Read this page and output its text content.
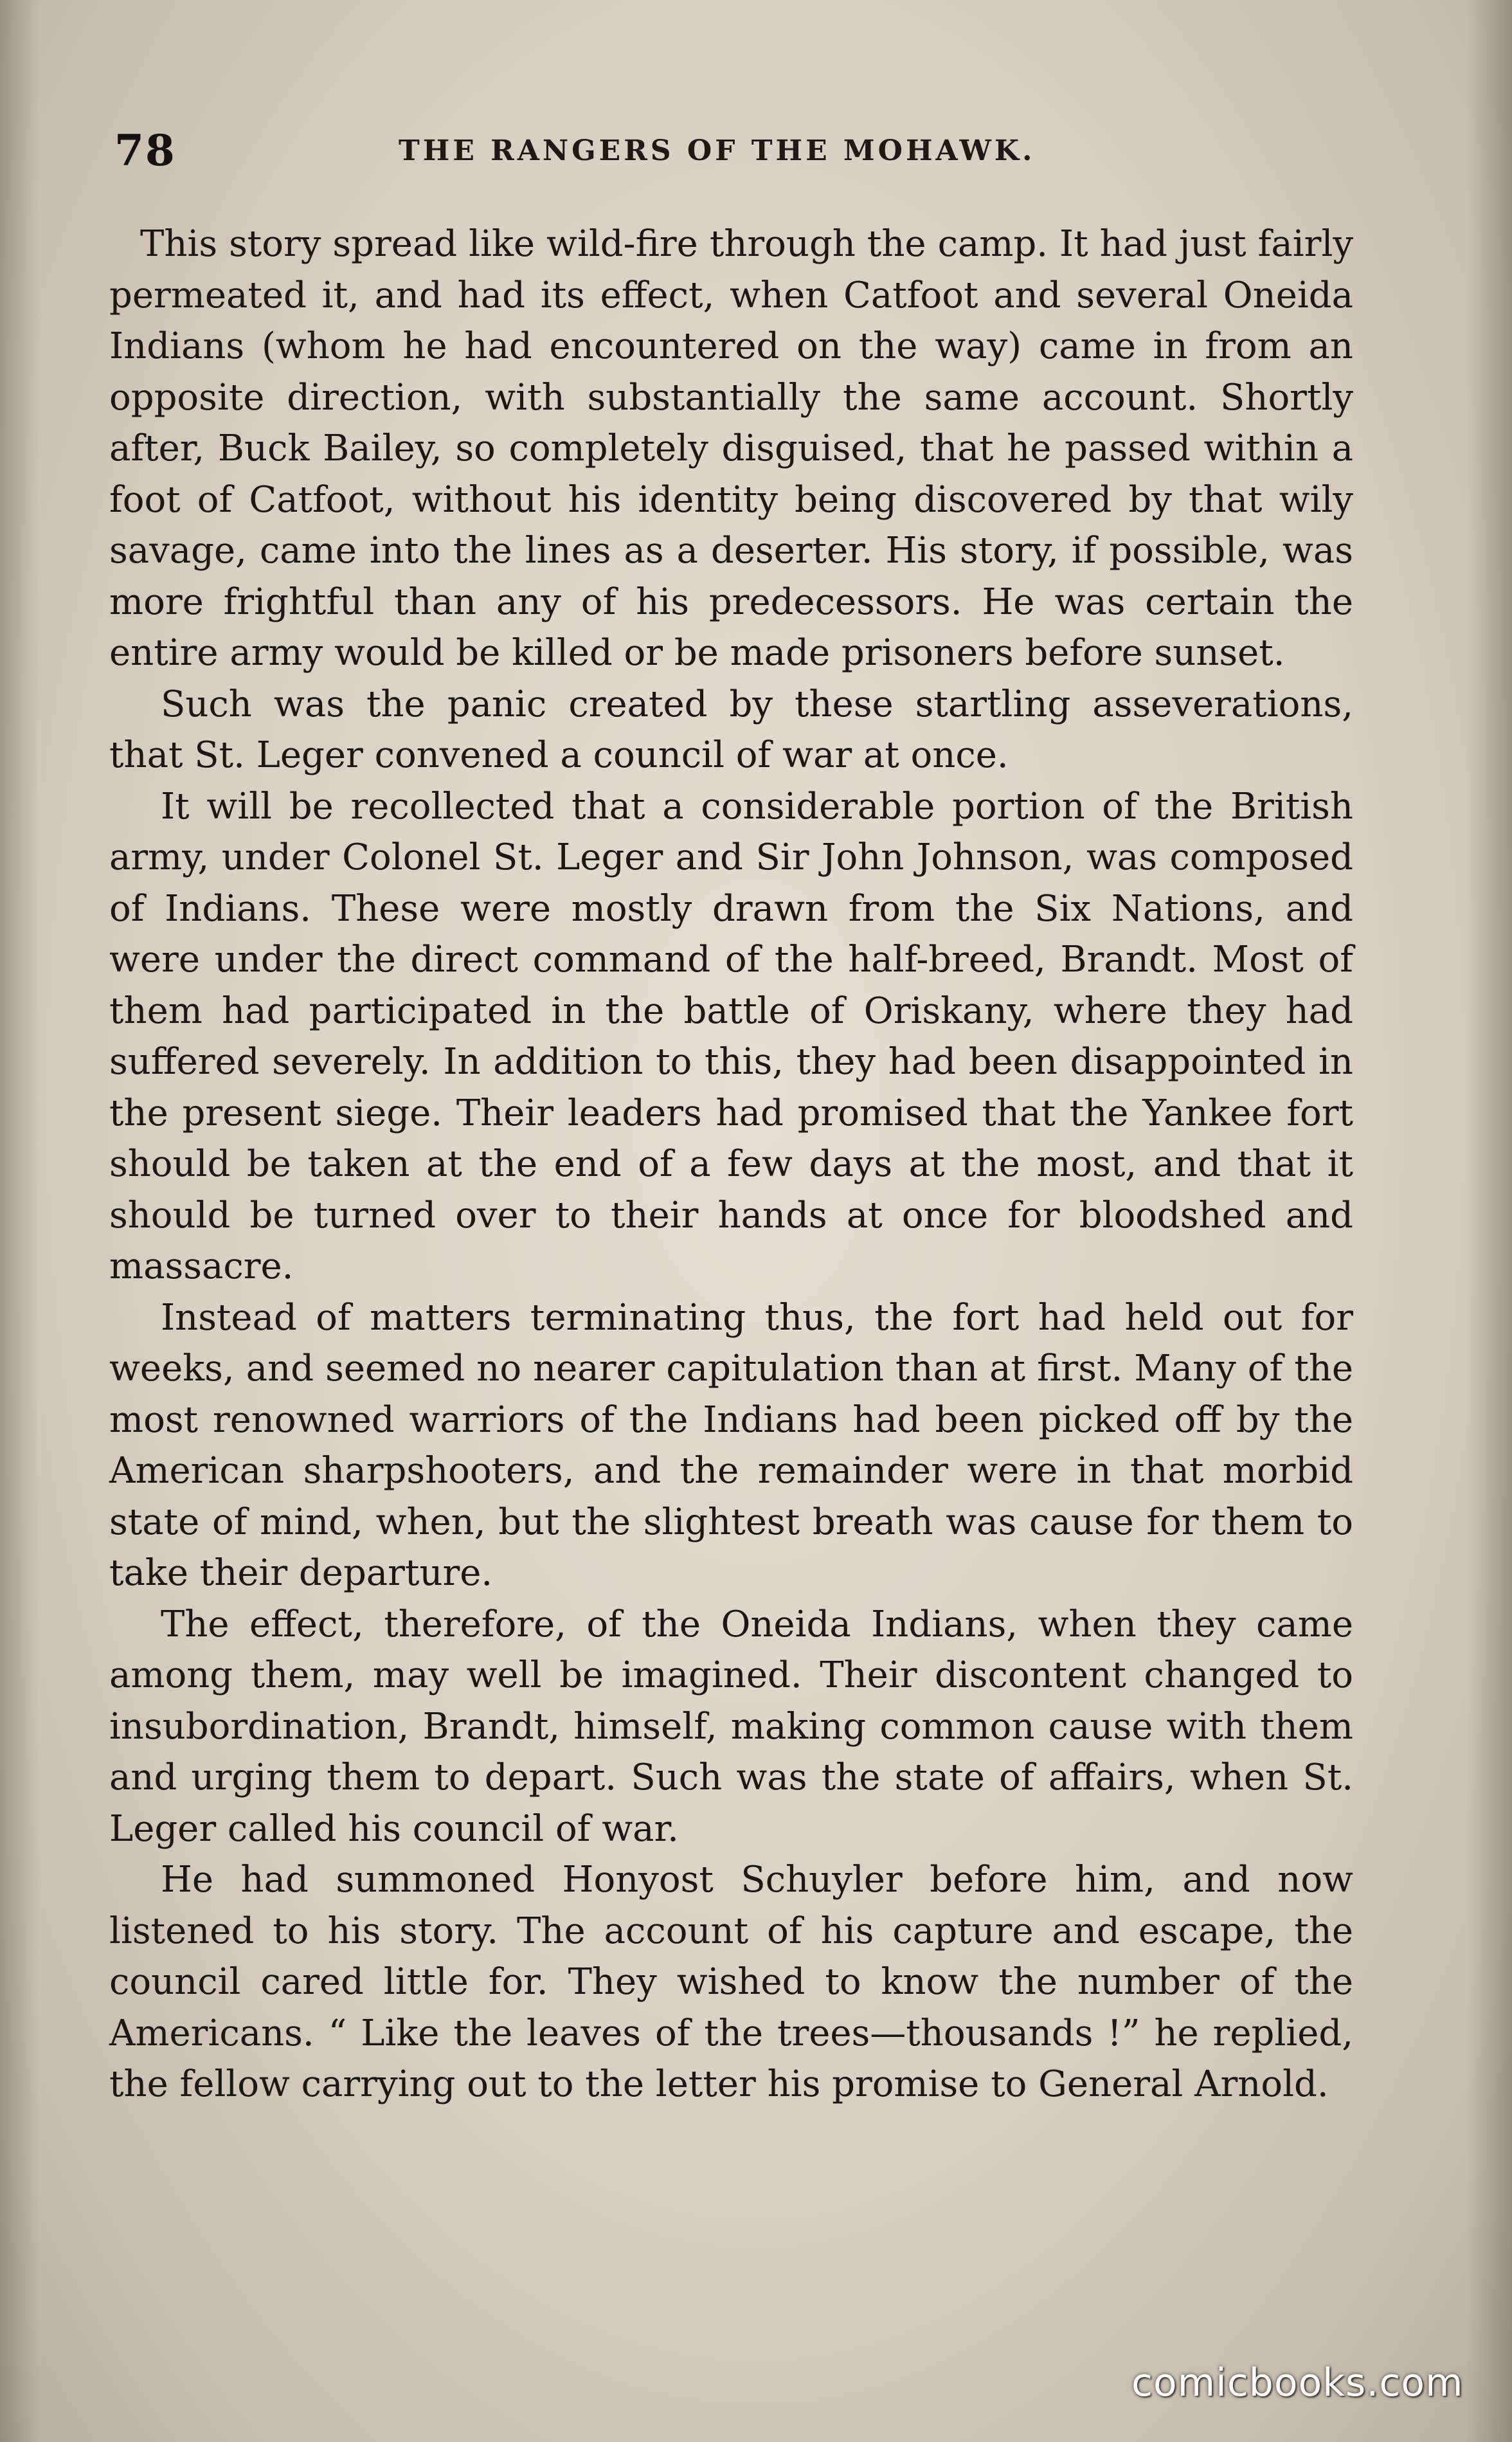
78	THE RANGERS OF THE MOHAWK.

This story spread like wild-fire through the camp. It had just fairly permeated it, and had its effect, when Catfoot and several Oneida Indians (whom he had encountered on the way) came in from an opposite direction, with substantially the same account. Shortly after, Buck Bailey, so completely disguised, that he passed within a foot of Catfoot, without his identity being discovered by that wily savage, came into the lines as a deserter. His story, if possible, was more frightful than any of his predecessors. He was certain the entire army would be killed or be made prisoners before sunset.

Such was the panic created by these startling asseverations, that St. Leger convened a council of war at once.

It will be recollected that a considerable portion of the British army, under Colonel St. Leger and Sir John Johnson, was composed of Indians. These were mostly drawn from the Six Nations, and were under the direct command of the half-breed, Brandt. Most of them had participated in the battle of Oriskany, where they had suffered severely. In addition to this, they had been disappointed in the present siege. Their leaders had promised that the Yankee fort should be taken at the end of a few days at the most, and that it should be turned over to their hands at once for bloodshed and massacre.

Instead of matters terminating thus, the fort had held out for weeks, and seemed no nearer capitulation than at first. Many of the most renowned warriors of the Indians had been picked off by the American sharpshooters, and the remainder were in that morbid state of mind, when, but the slightest breath was cause for them to take their departure.

The effect, therefore, of the Oneida Indians, when they came among them, may well be imagined. Their discontent changed to insubordination, Brandt, himself, making common cause with them and urging them to depart. Such was the state of affairs, when St. Leger called his council of war.

He had summoned Honyost Schuyler before him, and now listened to his story. The account of his capture and escape, the council cared little for. They wished to know the number of the Americans. “ Like the leaves of the trees—thousands !” he replied, the fellow carrying out to the letter his promise to General Arnold.

comicbooks.com
